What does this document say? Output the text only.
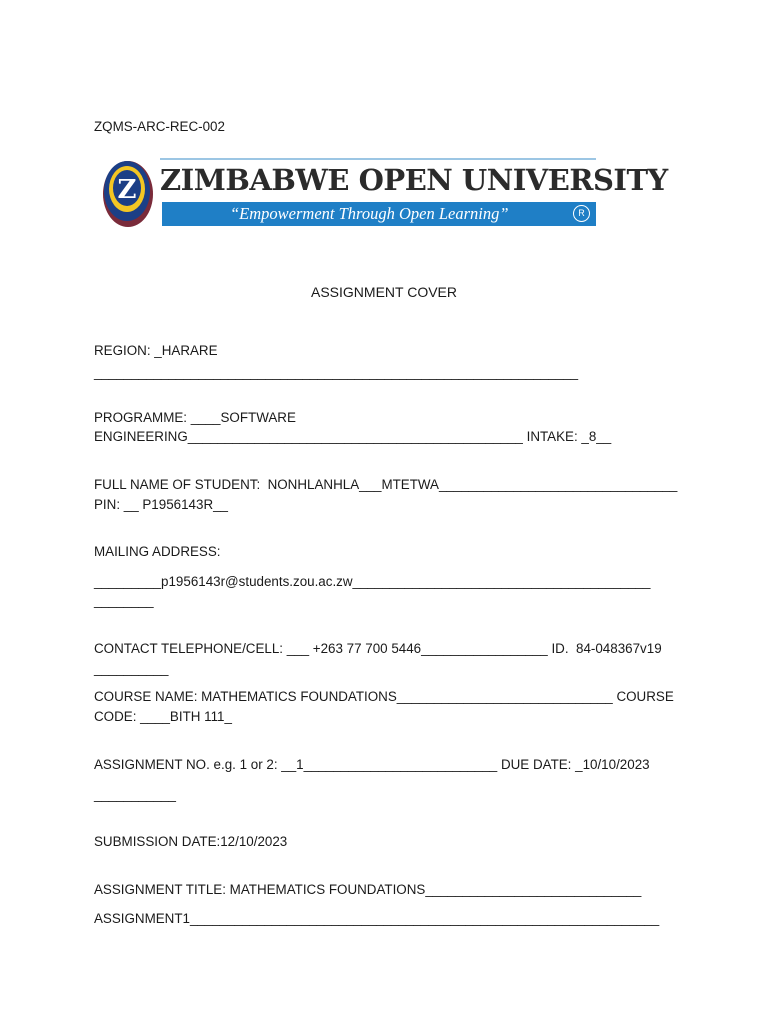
ZQMS-ARC-REC-002
Z ZIMBABWE OPEN UNIVERSITY
“Empowerment Through Open Learning”	R
ASSIGNMENT COVER
REGION: _HARARE
_________________________________________________________________
PROGRAMME: ____SOFTWARE
ENGINEERING_____________________________________________ INTAKE: _8__
FULL NAME OF STUDENT:  NONHLANHLA___MTETWA________________________________
PIN: __ P1956143R__
MAILING ADDRESS:
_________p1956143r@students.zou.ac.zw________________________________________
________
CONTACT TELEPHONE/CELL: ___ +263 77 700 5446_________________ ID.  84-048367v19
__________
COURSE NAME: MATHEMATICS FOUNDATIONS_____________________________ COURSE
CODE: ____BITH 111_
ASSIGNMENT NO. e.g. 1 or 2: __1__________________________ DUE DATE: _10/10/2023
___________
SUBMISSION DATE:12/10/2023
ASSIGNMENT TITLE: MATHEMATICS FOUNDATIONS_____________________________
ASSIGNMENT1_______________________________________________________________
